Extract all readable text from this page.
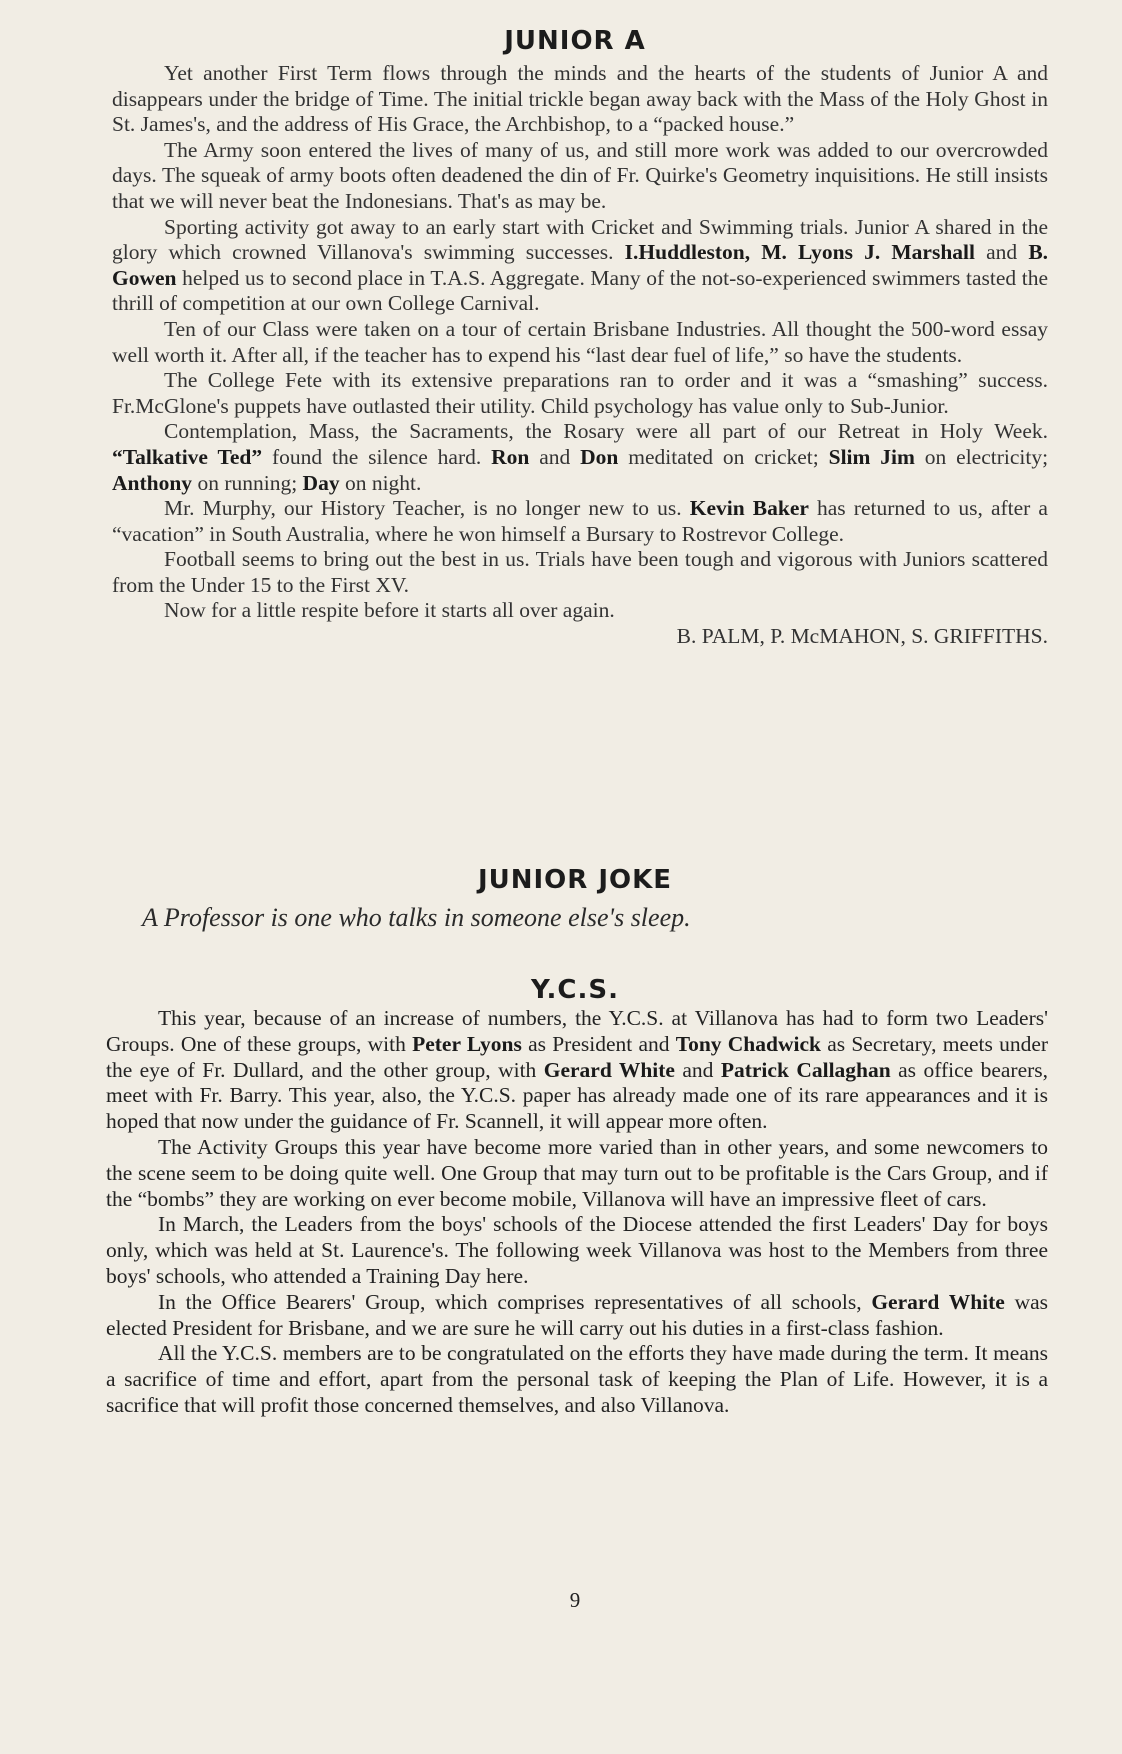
JUNIOR A

Yet another First Term flows through the minds and the hearts of the students of Junior A and disappears under the bridge of Time. The initial trickle began away back with the Mass of the Holy Ghost in St. James's, and the address of His Grace, the Archbishop, to a “packed house.”

The Army soon entered the lives of many of us, and still more work was added to our overcrowded days. The squeak of army boots often deadened the din of Fr. Quirke's Geometry inquisitions. He still insists that we will never beat the Indonesians. That's as may be.

Sporting activity got away to an early start with Cricket and Swimming trials. Junior A shared in the glory which crowned Villanova's swimming successes. I.Huddleston, M. Lyons J. Marshall and B. Gowen helped us to second place in T.A.S. Aggregate. Many of the not-so-experienced swimmers tasted the thrill of competition at our own College Carnival.

Ten of our Class were taken on a tour of certain Brisbane Industries. All thought the 500-word essay well worth it. After all, if the teacher has to expend his “last dear fuel of life,” so have the students.

The College Fete with its extensive preparations ran to order and it was a “smashing” success. Fr.McGlone's puppets have outlasted their utility. Child psychology has value only to Sub-Junior.

Contemplation, Mass, the Sacraments, the Rosary were all part of our Retreat in Holy Week. “Talkative Ted” found the silence hard. Ron and Don meditated on cricket; Slim Jim on electricity; Anthony on running; Day on night.

Mr. Murphy, our History Teacher, is no longer new to us. Kevin Baker has returned to us, after a “vacation” in South Australia, where he won himself a Bursary to Rostrevor College.

Football seems to bring out the best in us. Trials have been tough and vigorous with Juniors scattered from the Under 15 to the First XV.

Now for a little respite before it starts all over again.

B. PALM, P. McMAHON, S. GRIFFITHS.

JUNIOR JOKE

A Professor is one who talks in someone else's sleep.

Y.C.S.

This year, because of an increase of numbers, the Y.C.S. at Villanova has had to form two Leaders' Groups. One of these groups, with Peter Lyons as President and Tony Chadwick as Secretary, meets under the eye of Fr. Dullard, and the other group, with Gerard White and Patrick Callaghan as office bearers, meet with Fr. Barry. This year, also, the Y.C.S. paper has already made one of its rare appearances and it is hoped that now under the guidance of Fr. Scannell, it will appear more often.

The Activity Groups this year have become more varied than in other years, and some newcomers to the scene seem to be doing quite well. One Group that may turn out to be profitable is the Cars Group, and if the “bombs” they are working on ever become mobile, Villanova will have an impressive fleet of cars.

In March, the Leaders from the boys' schools of the Diocese attended the first Leaders' Day for boys only, which was held at St. Laurence's. The following week Villanova was host to the Members from three boys' schools, who attended a Training Day here.

In the Office Bearers' Group, which comprises representatives of all schools, Gerard White was elected President for Brisbane, and we are sure he will carry out his duties in a first-class fashion.

All the Y.C.S. members are to be congratulated on the efforts they have made during the term. It means a sacrifice of time and effort, apart from the personal task of keeping the Plan of Life. However, it is a sacrifice that will profit those concerned themselves, and also Villanova.

9
